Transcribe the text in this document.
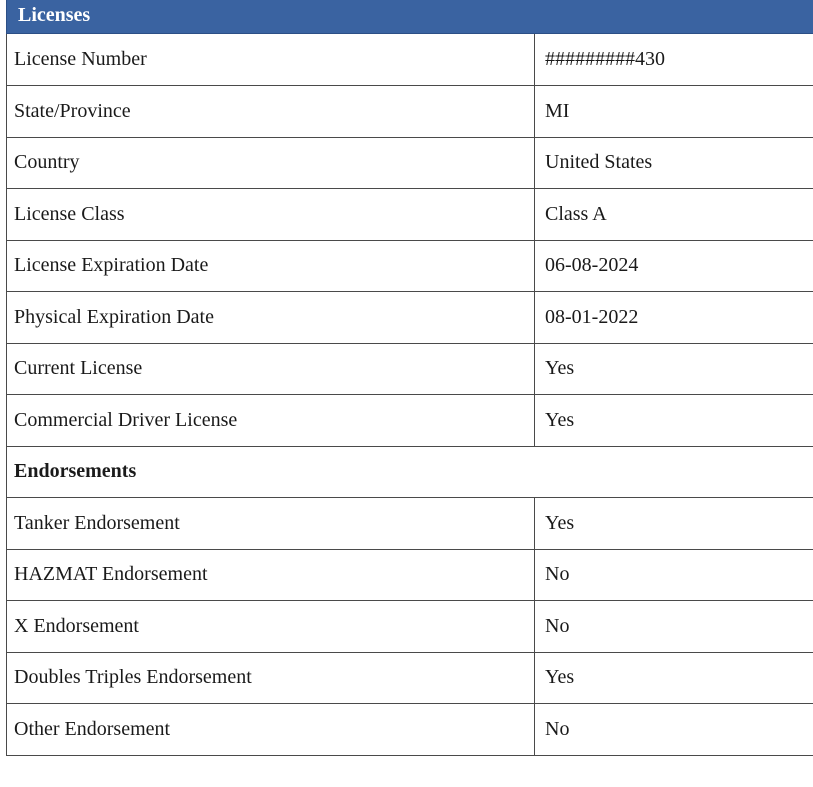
Licenses
License Number	#########430
State/Province	MI
Country	United States
License Class	Class A
License Expiration Date	06-08-2024
Physical Expiration Date	08-01-2022
Current License	Yes
Commercial Driver License	Yes
Endorsements	
Tanker Endorsement	Yes
HAZMAT Endorsement	No
X Endorsement	No
Doubles Triples Endorsement	Yes
Other Endorsement	No
